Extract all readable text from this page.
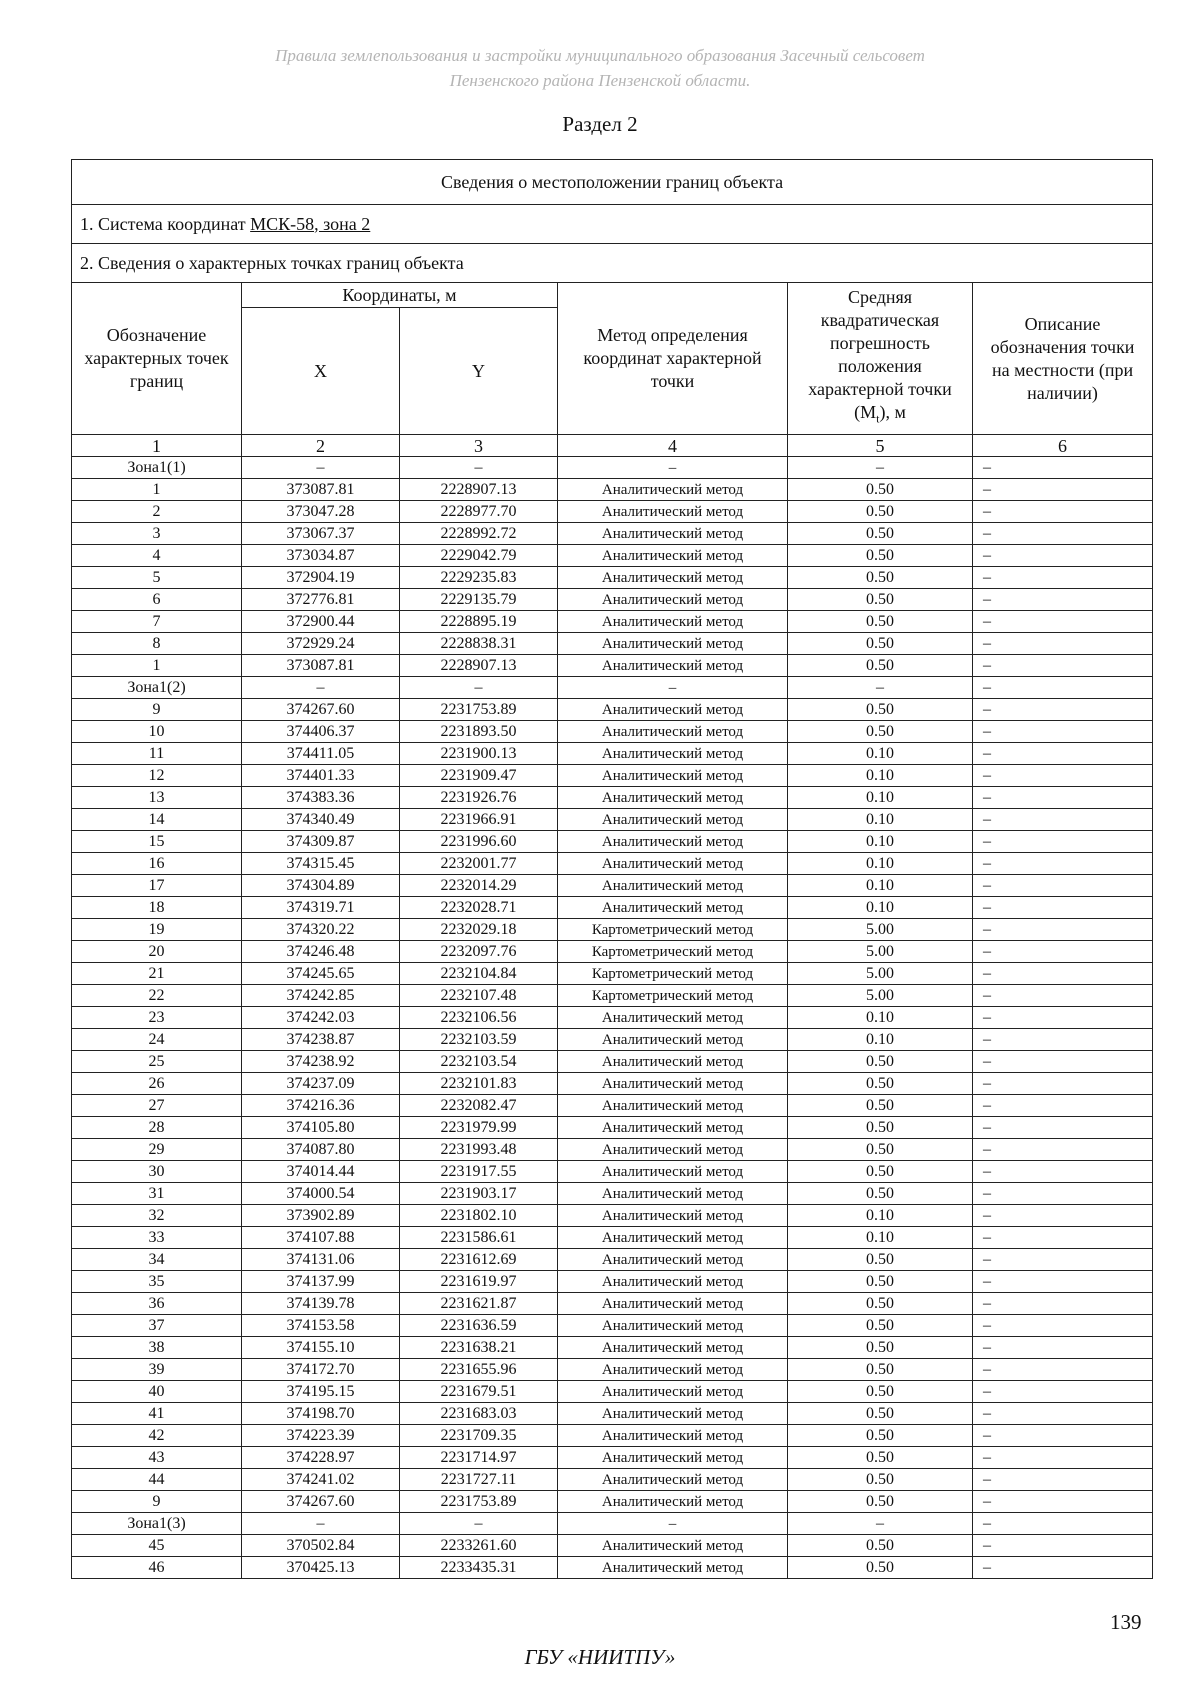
Правила землепользования и застройки муниципального образования Засечный сельсовет
Пензенского района Пензенской области.
Раздел 2
Сведения о местоположении границ объекта					
1. Система координат МСК-58, зона 2					
2. Сведения о характерных точках границ объекта					
Обозначение характерных точек границ	Координаты, м		Метод определения координат характерной точки	Средняя квадратическая погрешность положения характерной точки $(M_t)$, м	Описание обозначения точки на местности (при наличии)
	X	Y			
1	2	3	4	5	6
Зона1(1)	–	–	–	–	–
1	373087.81	2228907.13	Аналитический метод	0.50	–
2	373047.28	2228977.70	Аналитический метод	0.50	–
3	373067.37	2228992.72	Аналитический метод	0.50	–
4	373034.87	2229042.79	Аналитический метод	0.50	–
5	372904.19	2229235.83	Аналитический метод	0.50	–
6	372776.81	2229135.79	Аналитический метод	0.50	–
7	372900.44	2228895.19	Аналитический метод	0.50	–
8	372929.24	2228838.31	Аналитический метод	0.50	–
1	373087.81	2228907.13	Аналитический метод	0.50	–
Зона1(2)	–	–	–	–	–
9	374267.60	2231753.89	Аналитический метод	0.50	–
10	374406.37	2231893.50	Аналитический метод	0.50	–
11	374411.05	2231900.13	Аналитический метод	0.10	–
12	374401.33	2231909.47	Аналитический метод	0.10	–
13	374383.36	2231926.76	Аналитический метод	0.10	–
14	374340.49	2231966.91	Аналитический метод	0.10	–
15	374309.87	2231996.60	Аналитический метод	0.10	–
16	374315.45	2232001.77	Аналитический метод	0.10	–
17	374304.89	2232014.29	Аналитический метод	0.10	–
18	374319.71	2232028.71	Аналитический метод	0.10	–
19	374320.22	2232029.18	Картометрический метод	5.00	–
20	374246.48	2232097.76	Картометрический метод	5.00	–
21	374245.65	2232104.84	Картометрический метод	5.00	–
22	374242.85	2232107.48	Картометрический метод	5.00	–
23	374242.03	2232106.56	Аналитический метод	0.10	–
24	374238.87	2232103.59	Аналитический метод	0.10	–
25	374238.92	2232103.54	Аналитический метод	0.50	–
26	374237.09	2232101.83	Аналитический метод	0.50	–
27	374216.36	2232082.47	Аналитический метод	0.50	–
28	374105.80	2231979.99	Аналитический метод	0.50	–
29	374087.80	2231993.48	Аналитический метод	0.50	–
30	374014.44	2231917.55	Аналитический метод	0.50	–
31	374000.54	2231903.17	Аналитический метод	0.50	–
32	373902.89	2231802.10	Аналитический метод	0.10	–
33	374107.88	2231586.61	Аналитический метод	0.10	–
34	374131.06	2231612.69	Аналитический метод	0.50	–
35	374137.99	2231619.97	Аналитический метод	0.50	–
36	374139.78	2231621.87	Аналитический метод	0.50	–
37	374153.58	2231636.59	Аналитический метод	0.50	–
38	374155.10	2231638.21	Аналитический метод	0.50	–
39	374172.70	2231655.96	Аналитический метод	0.50	–
40	374195.15	2231679.51	Аналитический метод	0.50	–
41	374198.70	2231683.03	Аналитический метод	0.50	–
42	374223.39	2231709.35	Аналитический метод	0.50	–
43	374228.97	2231714.97	Аналитический метод	0.50	–
44	374241.02	2231727.11	Аналитический метод	0.50	–
9	374267.60	2231753.89	Аналитический метод	0.50	–
Зона1(3)	–	–	–	–	–
45	370502.84	2233261.60	Аналитический метод	0.50	–
46	370425.13	2233435.31	Аналитический метод	0.50	–
139
ГБУ «НИИТПУ»
